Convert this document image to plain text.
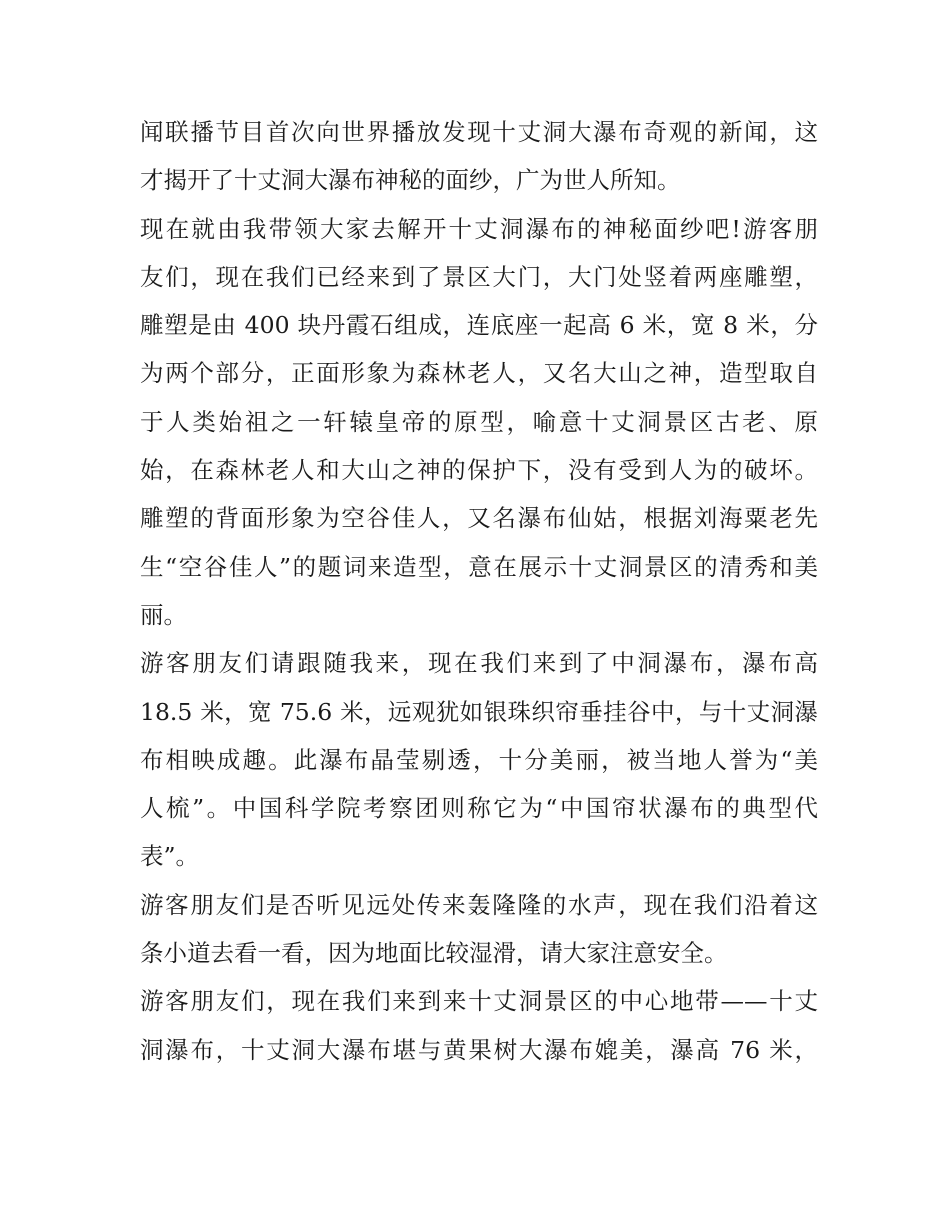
闻联播节目首次向世界播放发现十丈洞大瀑布奇观的新闻，这
才揭开了十丈洞大瀑布神秘的面纱，广为世人所知。
现在就由我带领大家去解开十丈洞瀑布的神秘面纱吧!游客朋
友们，现在我们已经来到了景区大门，大门处竖着两座雕塑，
雕塑是由 400 块丹霞石组成，连底座一起高 6 米，宽 8 米，分
为两个部分，正面形象为森林老人，又名大山之神，造型取自
于人类始祖之一轩辕皇帝的原型，喻意十丈洞景区古老、原
始，在森林老人和大山之神的保护下，没有受到人为的破坏。
雕塑的背面形象为空谷佳人，又名瀑布仙姑，根据刘海粟老先
生“空谷佳人”的题词来造型，意在展示十丈洞景区的清秀和美
丽。
游客朋友们请跟随我来，现在我们来到了中洞瀑布，瀑布高
18.5 米，宽 75.6 米，远观犹如银珠织帘垂挂谷中，与十丈洞瀑
布相映成趣。此瀑布晶莹剔透，十分美丽，被当地人誉为“美
人梳”。中国科学院考察团则称它为“中国帘状瀑布的典型代
表”。
游客朋友们是否听见远处传来轰隆隆的水声，现在我们沿着这
条小道去看一看，因为地面比较湿滑，请大家注意安全。
游客朋友们，现在我们来到来十丈洞景区的中心地带——十丈
洞瀑布，十丈洞大瀑布堪与黄果树大瀑布媲美，瀑高 76 米，
